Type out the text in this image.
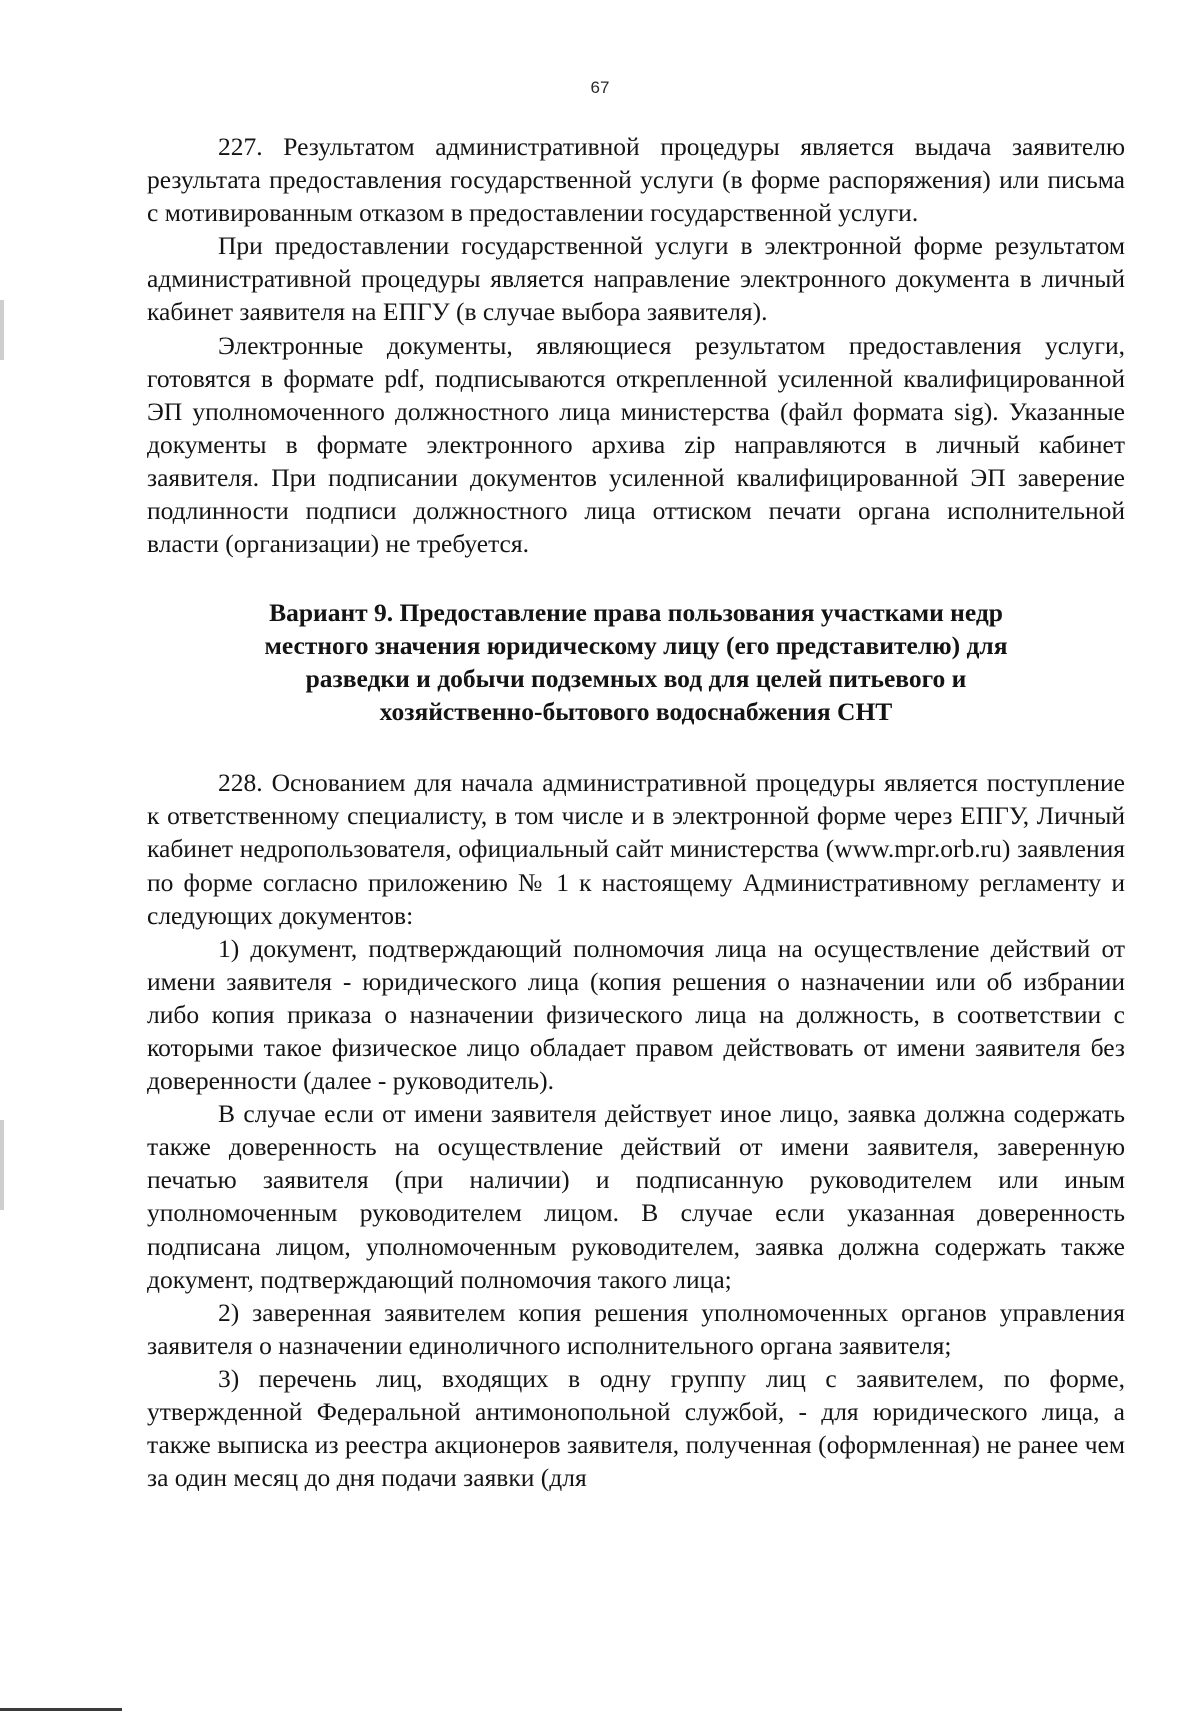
67

227. Результатом административной процедуры является выдача заявителю результата предоставления государственной услуги (в форме распоряжения) или письма с мотивированным отказом в предоставлении государственной услуги.

При предоставлении государственной услуги в электронной форме результатом административной процедуры является направление электронного документа в личный кабинет заявителя на ЕПГУ (в случае выбора заявителя).

Электронные документы, являющиеся результатом предоставления услуги, готовятся в формате pdf, подписываются открепленной усиленной квалифицированной ЭП уполномоченного должностного лица министерства (файл формата sig). Указанные документы в формате электронного архива zip направляются в личный кабинет заявителя. При подписании документов усиленной квалифицированной ЭП заверение подлинности подписи должностного лица оттиском печати органа исполнительной власти (организации) не требуется.

Вариант 9. Предоставление права пользования участками недр
местного значения юридическому лицу (его представителю) для
разведки и добычи подземных вод для целей питьевого и
хозяйственно-бытового водоснабжения СНТ

228. Основанием для начала административной процедуры является поступление к ответственному специалисту, в том числе и в электронной форме через ЕПГУ, Личный кабинет недропользователя, официальный сайт министерства (www.mpr.orb.ru) заявления по форме согласно приложению № 1 к настоящему Административному регламенту и следующих документов:

1) документ, подтверждающий полномочия лица на осуществление действий от имени заявителя - юридического лица (копия решения о назначении или об избрании либо копия приказа о назначении физического лица на должность, в соответствии с которыми такое физическое лицо обладает правом действовать от имени заявителя без доверенности (далее - руководитель).

В случае если от имени заявителя действует иное лицо, заявка должна содержать также доверенность на осуществление действий от имени заявителя, заверенную печатью заявителя (при наличии) и подписанную руководителем или иным уполномоченным руководителем лицом. В случае если указанная доверенность подписана лицом, уполномоченным руководителем, заявка должна содержать также документ, подтверждающий полномочия такого лица;

2) заверенная заявителем копия решения уполномоченных органов управления заявителя о назначении единоличного исполнительного органа заявителя;

3) перечень лиц, входящих в одну группу лиц с заявителем, по форме, утвержденной Федеральной антимонопольной службой, - для юридического лица, а также выписка из реестра акционеров заявителя, полученная (оформленная) не ранее чем за один месяц до дня подачи заявки (для
